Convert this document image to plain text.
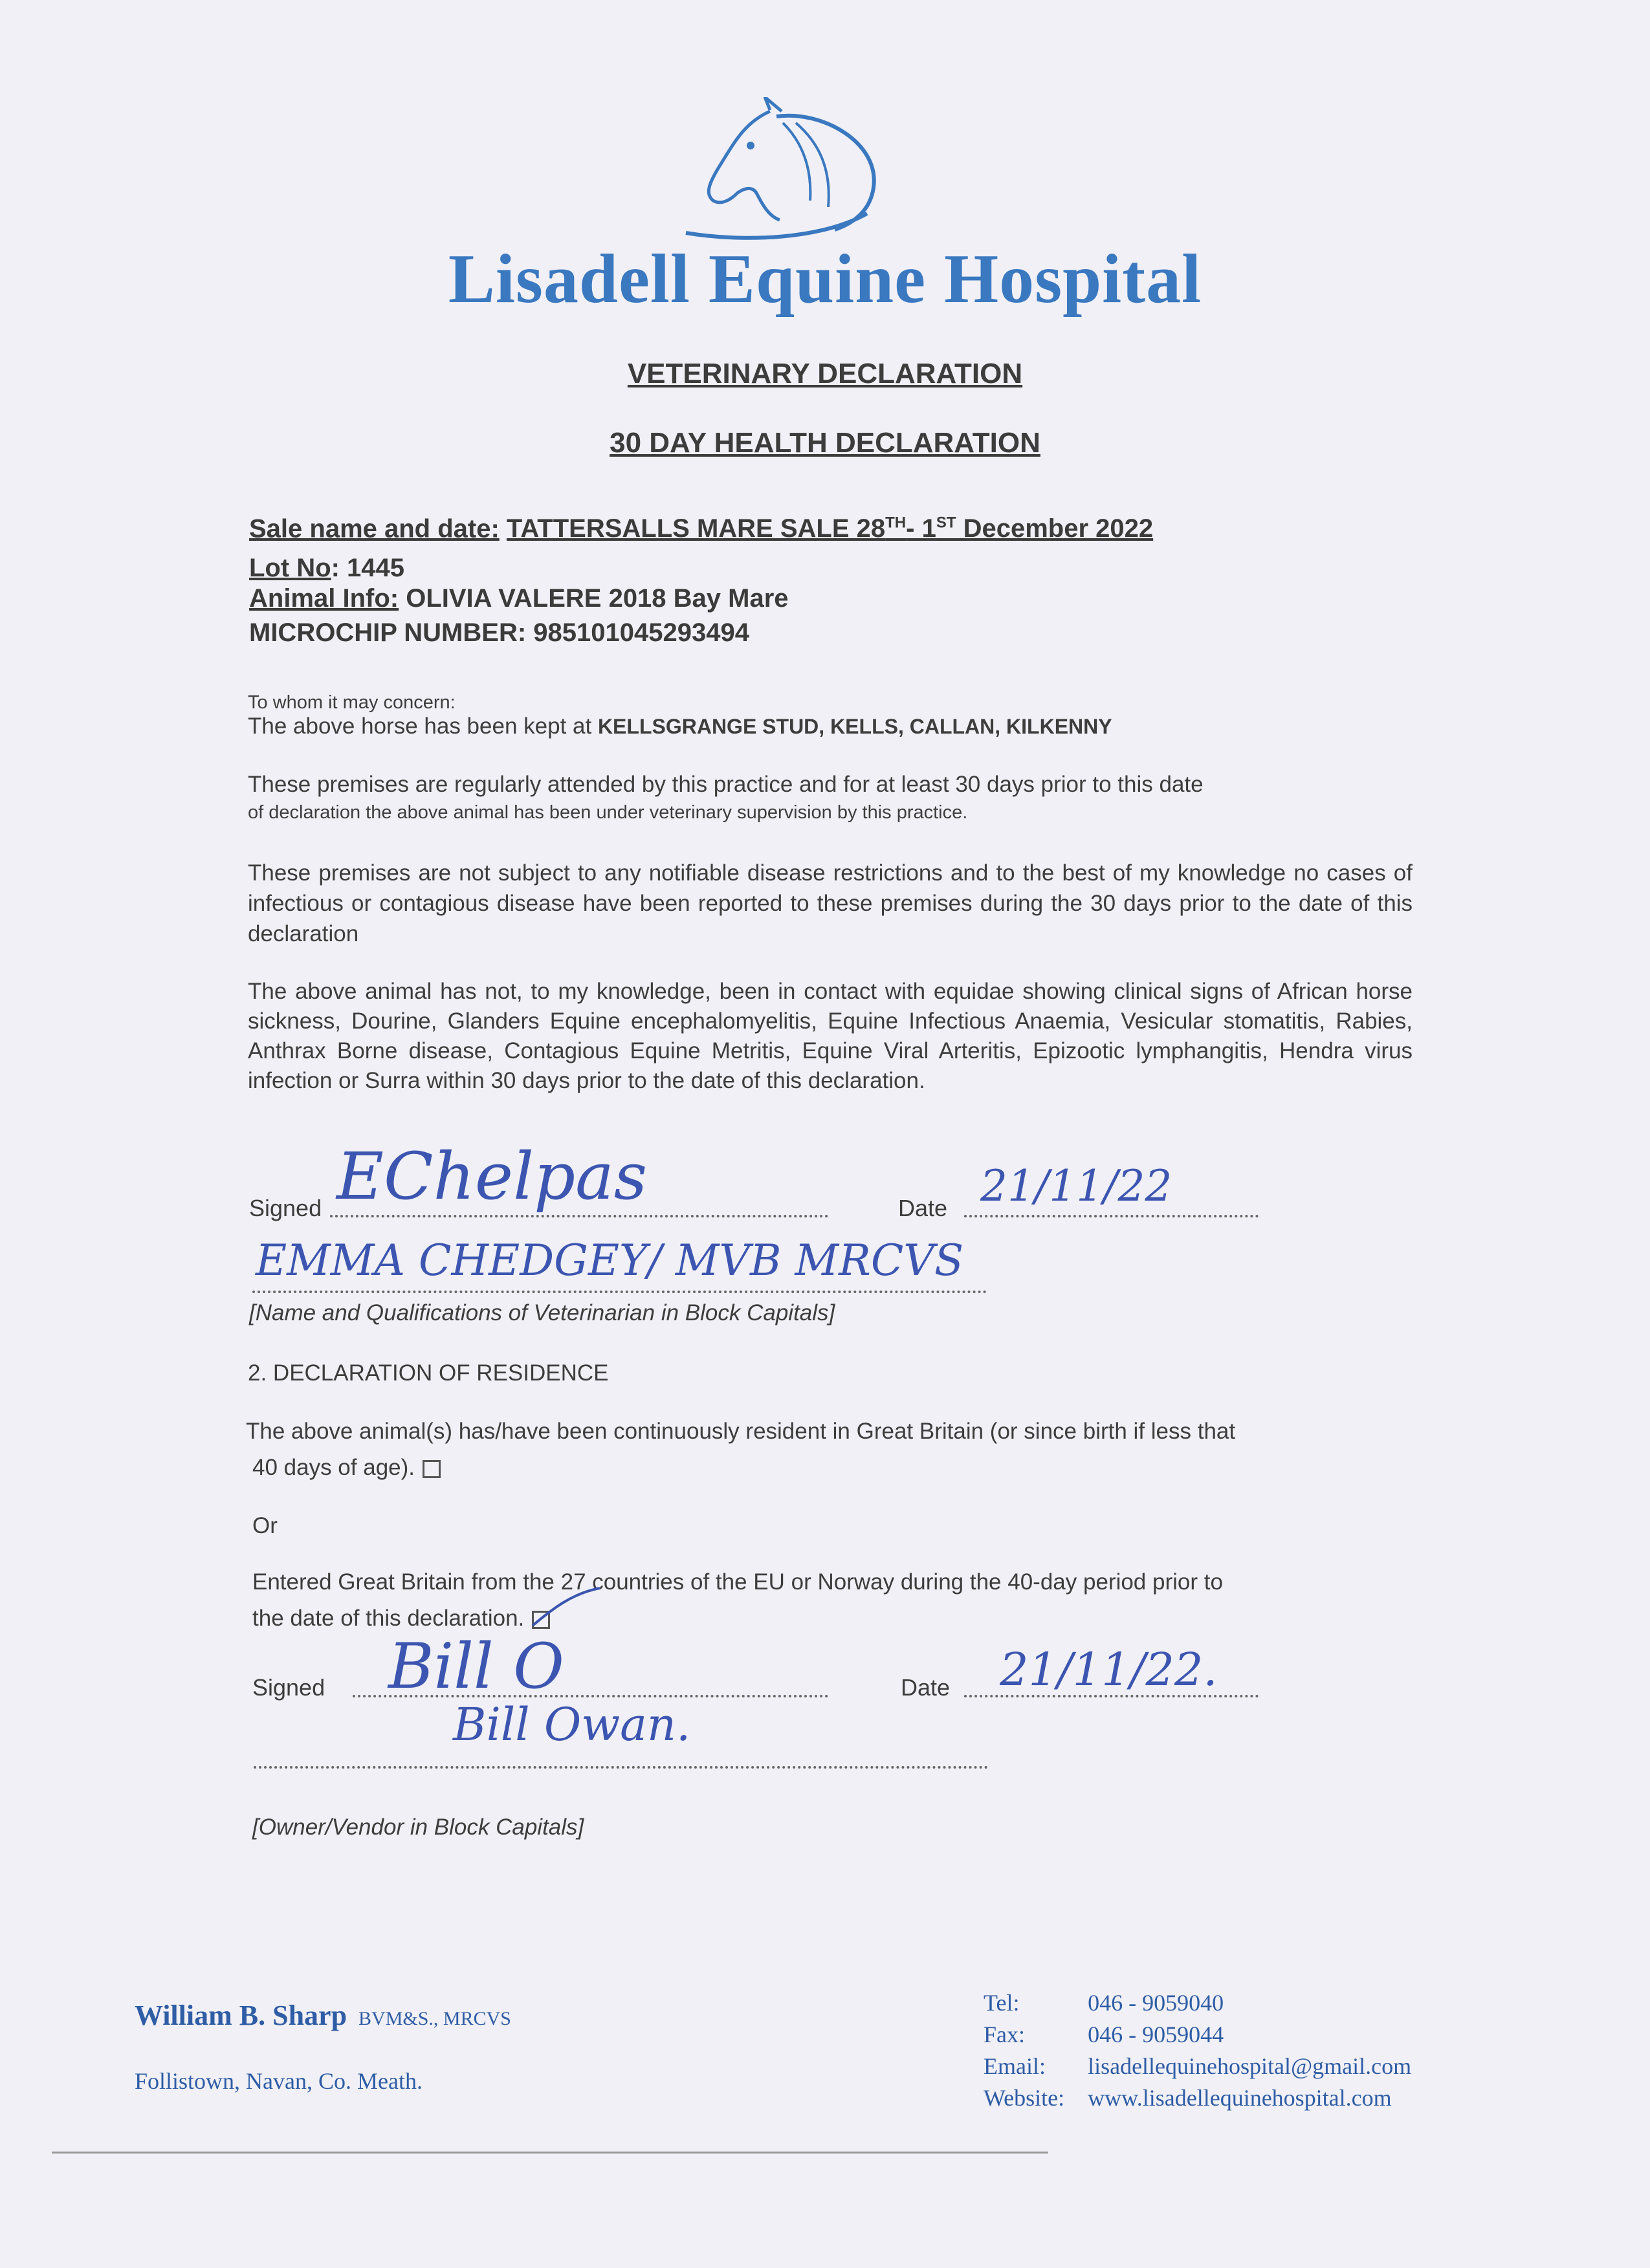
Lisadell Equine Hospital
VETERINARY DECLARATION
30 DAY HEALTH DECLARATION
Sale name and date: TATTERSALLS MARE SALE 28TH- 1ST December 2022
Lot No: 1445
Animal Info: OLIVIA VALERE 2018 Bay Mare
MICROCHIP NUMBER: 985101045293494
To whom it may concern:
The above horse has been kept at KELLSGRANGE STUD, KELLS, CALLAN, KILKENNY
These premises are regularly attended by this practice and for at least 30 days prior to this date
of declaration the above animal has been under veterinary supervision by this practice.
These premises are not subject to any notifiable disease restrictions and to the best of my knowledge no cases of infectious or contagious disease have been reported to these premises during the 30 days prior to the date of this declaration
The above animal has not, to my knowledge, been in contact with equidae showing clinical signs of African horse sickness, Dourine, Glanders Equine encephalomyelitis, Equine Infectious Anaemia, Vesicular stomatitis, Rabies, Anthrax Borne disease, Contagious Equine Metritis, Equine Viral Arteritis, Epizootic lymphangitis, Hendra virus infection or Surra within 30 days prior to the date of this declaration.
Signed EChelpas	Date 21/11/22
EMMA CHEDGEY/ MVB MRCVS
[Name and Qualifications of Veterinarian in Block Capitals]
2. DECLARATION OF RESIDENCE
The above animal(s) has/have been continuously resident in Great Britain (or since birth if less that
40 days of age).
Or
Entered Great Britain from the 27 countries of the EU or Norway during the 40-day period prior to
the date of this declaration.
Signed Bill O	Date 21/11/22.
Bill Owan.
[Owner/Vendor in Block Capitals]
William B. Sharp BVM&S., MRCVS
Follistown, Navan, Co. Meath.
Tel:	046 - 9059040
Fax:	046 - 9059044
Email:	lisadellequinehospital@gmail.com
Website:	www.lisadellequinehospital.com
